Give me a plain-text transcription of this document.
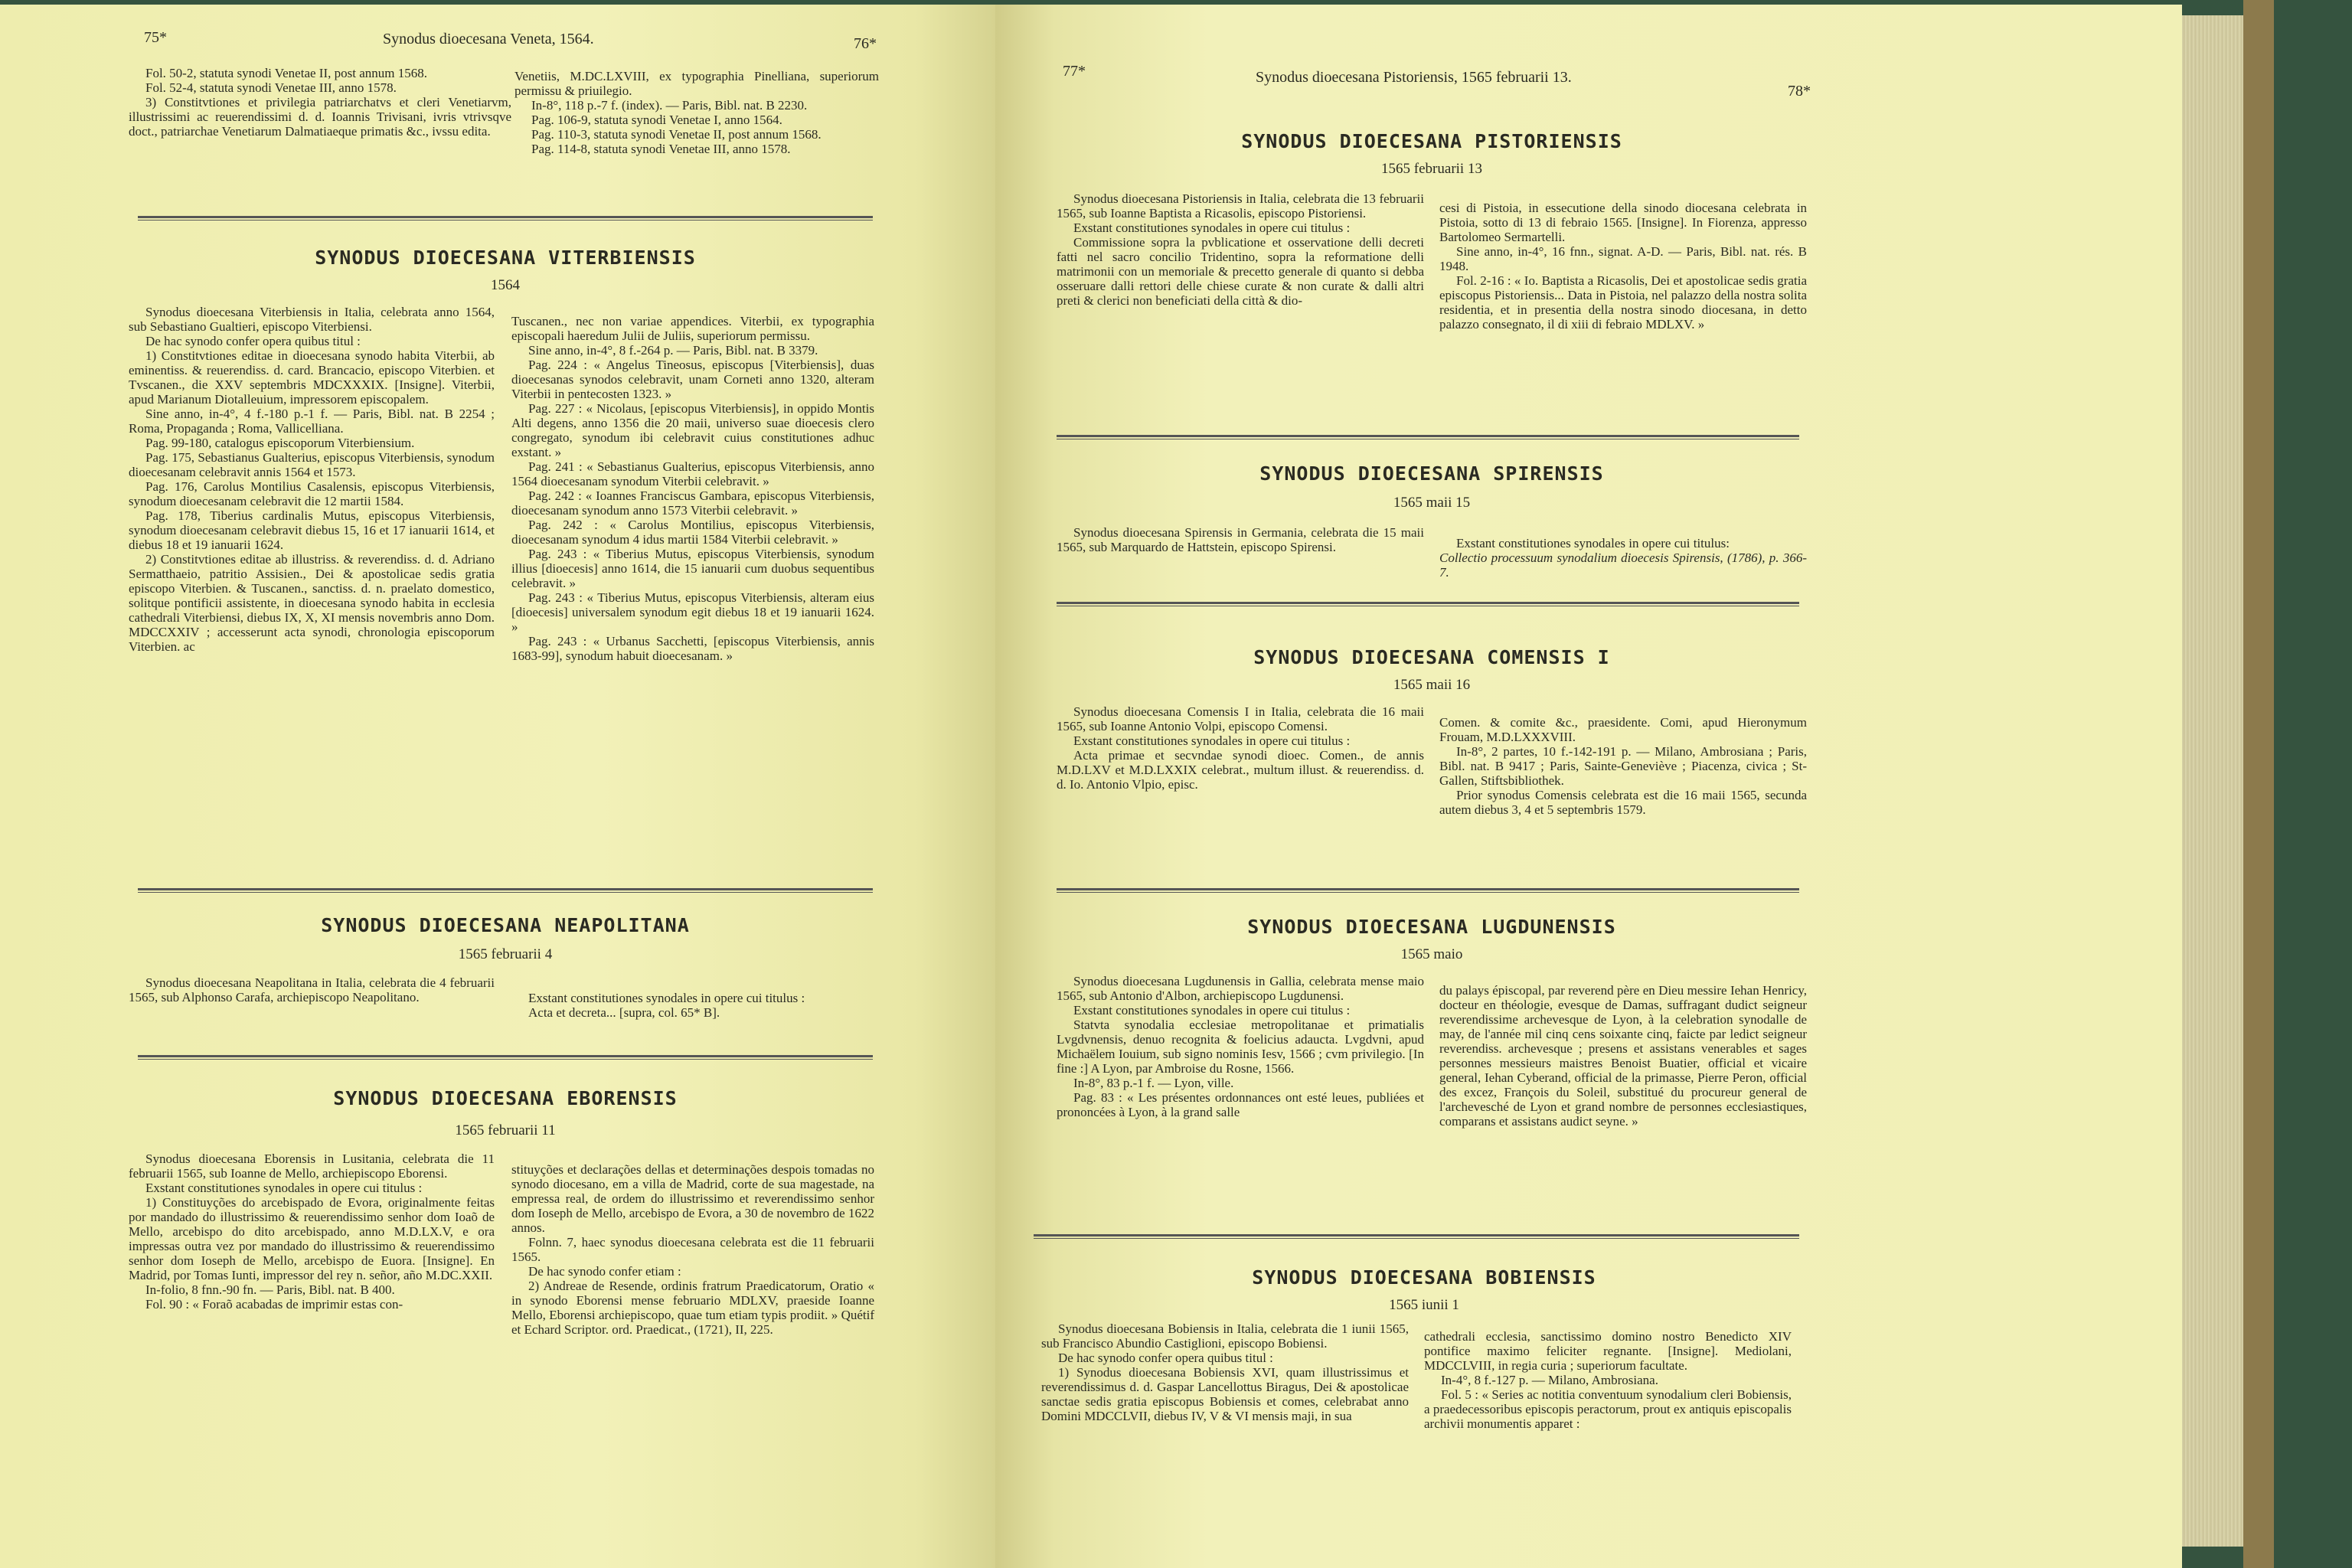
75*	Synodus dioecesana Veneta, 1564.	76*

Fol. 50-2, statuta synodi Venetae II, post annum 1568.

Fol. 52-4, statuta synodi Venetae III, anno 1578.

3) Constitvtiones et privilegia patriarchatvs et cleri Venetiarvm, illustrissimi ac reuerendissimi d. d. Ioannis Trivisani, ivris vtrivsqve doct., patriarchae Venetiarum Dalmatiaeque primatis &c., ivssu edita.

Venetiis, M.DC.LXVIII, ex typographia Pinelliana, superiorum permissu & priuilegio.

In-8°, 118 p.-7 f. (index). — Paris, Bibl. nat. B 2230.

Pag. 106-9, statuta synodi Venetae I, anno 1564.

Pag. 110-3, statuta synodi Venetae II, post annum 1568.

Pag. 114-8, statuta synodi Venetae III, anno 1578.

SYNODUS DIOECESANA VITERBIENSIS
1564

Synodus dioecesana Viterbiensis in Italia, celebrata anno 1564, sub Sebastiano Gualtieri, episcopo Viterbiensi.

De hac synodo confer opera quibus titul :

1) Constitvtiones editae in dioecesana synodo habita Viterbii, ab eminentiss. & reuerendiss. d. card. Brancacio, episcopo Viterbien. et Tvscanen., die XXV septembris MDCXXXIX. [Insigne]. Viterbii, apud Marianum Diotalleuium, impressorem episcopalem.

Sine anno, in-4°, 4 f.-180 p.-1 f. — Paris, Bibl. nat. B 2254 ; Roma, Propaganda ; Roma, Vallicelliana.

Pag. 99-180, catalogus episcoporum Viterbiensium.

Pag. 175, Sebastianus Gualterius, episcopus Viterbiensis, synodum dioecesanam celebravit annis 1564 et 1573.

Pag. 176, Carolus Montilius Casalensis, episcopus Viterbiensis, synodum dioecesanam celebravit die 12 martii 1584.

Pag. 178, Tiberius cardinalis Mutus, episcopus Viterbiensis, synodum dioecesanam celebravit diebus 15, 16 et 17 ianuarii 1614, et diebus 18 et 19 ianuarii 1624.

2) Constitvtiones editae ab illustriss. & reverendiss. d. d. Adriano Sermatthaeio, patritio Assisien., Dei & apostolicae sedis gratia episcopo Viterbien. & Tuscanen., sanctiss. d. n. praelato domestico, solitque pontificii assistente, in dioecesana synodo habita in ecclesia cathedrali Viterbiensi, diebus IX, X, XI mensis novembris anno Dom. MDCCXXIV ; accesserunt acta synodi, chronologia episcoporum Viterbien. ac

Tuscanen., nec non variae appendices. Viterbii, ex typographia episcopali haeredum Julii de Juliis, superiorum permissu.

Sine anno, in-4°, 8 f.-264 p. — Paris, Bibl. nat. B 3379.

Pag. 224 : « Angelus Tineosus, episcopus [Viterbiensis], duas dioecesanas synodos celebravit, unam Corneti anno 1320, alteram Viterbii in pentecosten 1323. »

Pag. 227 : « Nicolaus, [episcopus Viterbiensis], in oppido Montis Alti degens, anno 1356 die 20 maii, universo suae dioecesis clero congregato, synodum ibi celebravit cuius constitutiones adhuc exstant. »

Pag. 241 : « Sebastianus Gualterius, episcopus Viterbiensis, anno 1564 dioecesanam synodum Viterbii celebravit. »

Pag. 242 : « Ioannes Franciscus Gambara, episcopus Viterbiensis, dioecesanam synodum anno 1573 Viterbii celebravit. »

Pag. 242 : « Carolus Montilius, episcopus Viterbiensis, dioecesanam synodum 4 idus martii 1584 Viterbii celebravit. »

Pag. 243 : « Tiberius Mutus, episcopus Viterbiensis, synodum illius [dioecesis] anno 1614, die 15 ianuarii cum duobus sequentibus celebravit. »

Pag. 243 : « Tiberius Mutus, episcopus Viterbiensis, alteram eius [dioecesis] universalem synodum egit diebus 18 et 19 ianuarii 1624. »

Pag. 243 : « Urbanus Sacchetti, [episcopus Viterbiensis, annis 1683-99], synodum habuit dioecesanam. »

SYNODUS DIOECESANA NEAPOLITANA
1565 februarii 4

Synodus dioecesana Neapolitana in Italia, celebrata die 4 februarii 1565, sub Alphonso Carafa, archiepiscopo Neapolitano.	Exstant constitutiones synodales in opere cui titulus :

Acta et decreta... [supra, col. 65* B].

SYNODUS DIOECESANA EBORENSIS
1565 februarii 11

Synodus dioecesana Eborensis in Lusitania, celebrata die 11 februarii 1565, sub Ioanne de Mello, archiepiscopo Eborensi.

Exstant constitutiones synodales in opere cui titulus :

1) Constituyções do arcebispado de Evora, originalmente feitas por mandado do illustrissimo & reuerendissimo senhor dom Ioaõ de Mello, arcebispo do dito arcebispado, anno M.D.LX.V, e ora impressas outra vez por mandado do illustrissimo & reuerendissimo senhor dom Ioseph de Mello, arcebispo de Euora. [Insigne]. En Madrid, por Tomas Iunti, impressor del rey n. señor, año M.DC.XXII.

In-folio, 8 fnn.-90 fn. — Paris, Bibl. nat. B 400.

Fol. 90 : « Foraõ acabadas de imprimir estas con-

stituyções et declarações dellas et determinações despois tomadas no synodo diocesano, em a villa de Madrid, corte de sua magestade, na empressa real, de ordem do illustrissimo et reverendissimo senhor dom Ioseph de Mello, arcebispo de Evora, a 30 de novembro de 1622 annos.

Folnn. 7, haec synodus dioecesana celebrata est die 11 februarii 1565.

De hac synodo confer etiam :

2) Andreae de Resende, ordinis fratrum Praedicatorum, Oratio « in synodo Eborensi mense februario MDLXV, praeside Ioanne Mello, Eborensi archiepiscopo, quae tum etiam typis prodiit. » Quétif et Echard Scriptor. ord. Praedicat., (1721), II, 225.

77*	Synodus dioecesana Pistoriensis, 1565 februarii 13.
78*
SYNODUS DIOECESANA PISTORIENSIS
1565 februarii 13

Synodus dioecesana Pistoriensis in Italia, celebrata die 13 februarii 1565, sub Ioanne Baptista a Ricasolis, episcopo Pistoriensi.

Exstant constitutiones synodales in opere cui titulus :

Commissione sopra la pvblicatione et osservatione delli decreti fatti nel sacro concilio Tridentino, sopra la reformatione delli matrimonii con un memoriale & precetto generale di quanto si debba osseruare dalli rettori delle chiese curate & non curate & dalli altri preti & clerici non beneficiati della città & dio-

cesi di Pistoia, in essecutione della sinodo diocesana celebrata in Pistoia, sotto di 13 di febraio 1565. [Insigne]. In Fiorenza, appresso Bartolomeo Sermartelli.

Sine anno, in-4°, 16 fnn., signat. A-D. — Paris, Bibl. nat. rés. B 1948.

Fol. 2-16 : « Io. Baptista a Ricasolis, Dei et apostolicae sedis gratia episcopus Pistoriensis... Data in Pistoia, nel palazzo della nostra solita residentia, et in presentia della nostra sinodo diocesana, in detto palazzo consegnato, il di xiii di febraio MDLXV. »

SYNODUS DIOECESANA SPIRENSIS
1565 maii 15

Synodus dioecesana Spirensis in Germania, celebrata die 15 maii 1565, sub Marquardo de Hattstein, episcopo Spirensi.	Exstant constitutiones synodales in opere cui titulus:

Collectio processuum synodalium dioecesis Spirensis, (1786), p. 366-7.

SYNODUS DIOECESANA COMENSIS I
1565 maii 16

Synodus dioecesana Comensis I in Italia, celebrata die 16 maii 1565, sub Ioanne Antonio Volpi, episcopo Comensi.

Exstant constitutiones synodales in opere cui titulus :

Acta primae et secvndae synodi dioec. Comen., de annis M.D.LXV et M.D.LXXIX celebrat., multum illust. & reuerendiss. d. d. Io. Antonio Vlpio, episc.

Comen. & comite &c., praesidente. Comi, apud Hieronymum Frouam, M.D.LXXXVIII.

In-8°, 2 partes, 10 f.-142-191 p. — Milano, Ambrosiana ; Paris, Bibl. nat. B 9417 ; Paris, Sainte-Geneviève ; Piacenza, civica ; St-Gallen, Stiftsbibliothek.

Prior synodus Comensis celebrata est die 16 maii 1565, secunda autem diebus 3, 4 et 5 septembris 1579.

SYNODUS DIOECESANA LUGDUNENSIS
1565 maio

Synodus dioecesana Lugdunensis in Gallia, celebrata mense maio 1565, sub Antonio d'Albon, archiepiscopo Lugdunensi.

Exstant constitutiones synodales in opere cui titulus :

Statvta synodalia ecclesiae metropolitanae et primatialis Lvgdvnensis, denuo recognita & foelicius adaucta. Lvgdvni, apud Michaëlem Iouium, sub signo nominis Iesv, 1566 ; cvm privilegio. [In fine :] A Lyon, par Ambroise du Rosne, 1566.

In-8°, 83 p.-1 f. — Lyon, ville.

Pag. 83 : « Les présentes ordonnances ont esté leues, publiées et prononcées à Lyon, à la grand salle

du palays épiscopal, par reverend père en Dieu messire Iehan Henricy, docteur en théologie, evesque de Damas, suffragant dudict seigneur reverendissime archevesque de Lyon, à la celebration synodalle de may, de l'année mil cinq cens soixante cinq, faicte par ledict seigneur reverendiss. archevesque ; presens et assistans venerables et sages personnes messieurs maistres Benoist Buatier, official et vicaire general, Iehan Cyberand, official de la primasse, Pierre Peron, official des excez, François du Soleil, substitué du procureur general de l'archevesché de Lyon et grand nombre de personnes ecclesiastiques, comparans et assistans audict seyne. »

SYNODUS DIOECESANA BOBIENSIS
1565 iunii 1

Synodus dioecesana Bobiensis in Italia, celebrata die 1 iunii 1565, sub Francisco Abundio Castiglioni, episcopo Bobiensi.

De hac synodo confer opera quibus titul :

1) Synodus dioecesana Bobiensis XVI, quam illustrissimus et reverendissimus d. d. Gaspar Lancellottus Biragus, Dei & apostolicae sanctae sedis gratia episcopus Bobiensis et comes, celebrabat anno Domini MDCCLVII, diebus IV, V & VI mensis maji, in sua

cathedrali ecclesia, sanctissimo domino nostro Benedicto XIV pontifice maximo feliciter regnante. [Insigne]. Mediolani, MDCCLVIII, in regia curia ; superiorum facultate.

In-4°, 8 f.-127 p. — Milano, Ambrosiana.

Fol. 5 : « Series ac notitia conventuum synodalium cleri Bobiensis, a praedecessoribus episcopis peractorum, prout ex antiquis episcopalis archivii monumentis apparet :
